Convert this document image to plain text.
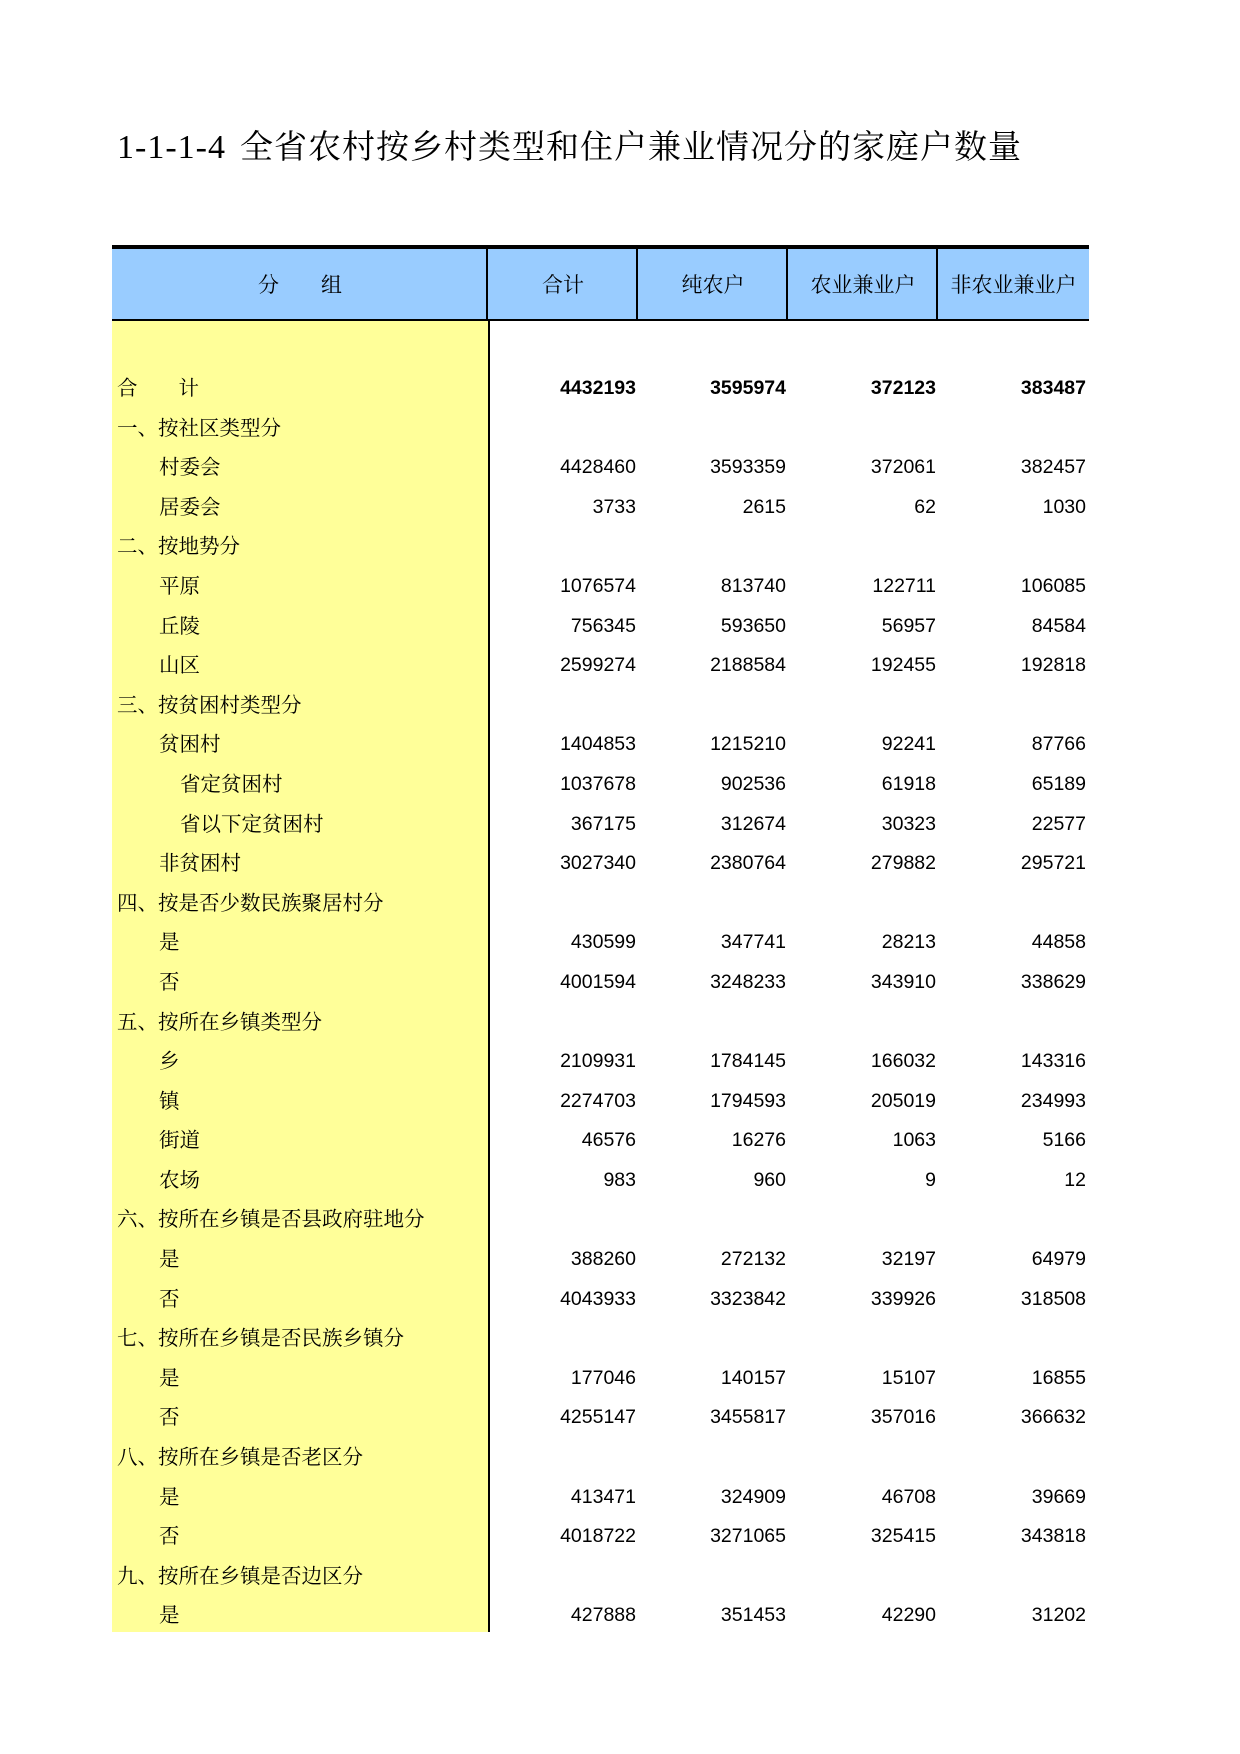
1-1-1-4 全省农村按乡村类型和住户兼业情况分的家庭户数量
分　　组	合计	纯农户	农业兼业户	非农业兼业户
合　　计	4432193	3595974	372123	383487
一、按社区类型分
村委会	4428460	3593359	372061	382457
居委会	3733	2615	62	1030
二、按地势分
平原	1076574	813740	122711	106085
丘陵	756345	593650	56957	84584
山区	2599274	2188584	192455	192818
三、按贫困村类型分
贫困村	1404853	1215210	92241	87766
省定贫困村	1037678	902536	61918	65189
省以下定贫困村	367175	312674	30323	22577
非贫困村	3027340	2380764	279882	295721
四、按是否少数民族聚居村分
是	430599	347741	28213	44858
否	4001594	3248233	343910	338629
五、按所在乡镇类型分
乡	2109931	1784145	166032	143316
镇	2274703	1794593	205019	234993
街道	46576	16276	1063	5166
农场	983	960	9	12
六、按所在乡镇是否县政府驻地分
是	388260	272132	32197	64979
否	4043933	3323842	339926	318508
七、按所在乡镇是否民族乡镇分
是	177046	140157	15107	16855
否	4255147	3455817	357016	366632
八、按所在乡镇是否老区分
是	413471	324909	46708	39669
否	4018722	3271065	325415	343818
九、按所在乡镇是否边区分
是	427888	351453	42290	31202
